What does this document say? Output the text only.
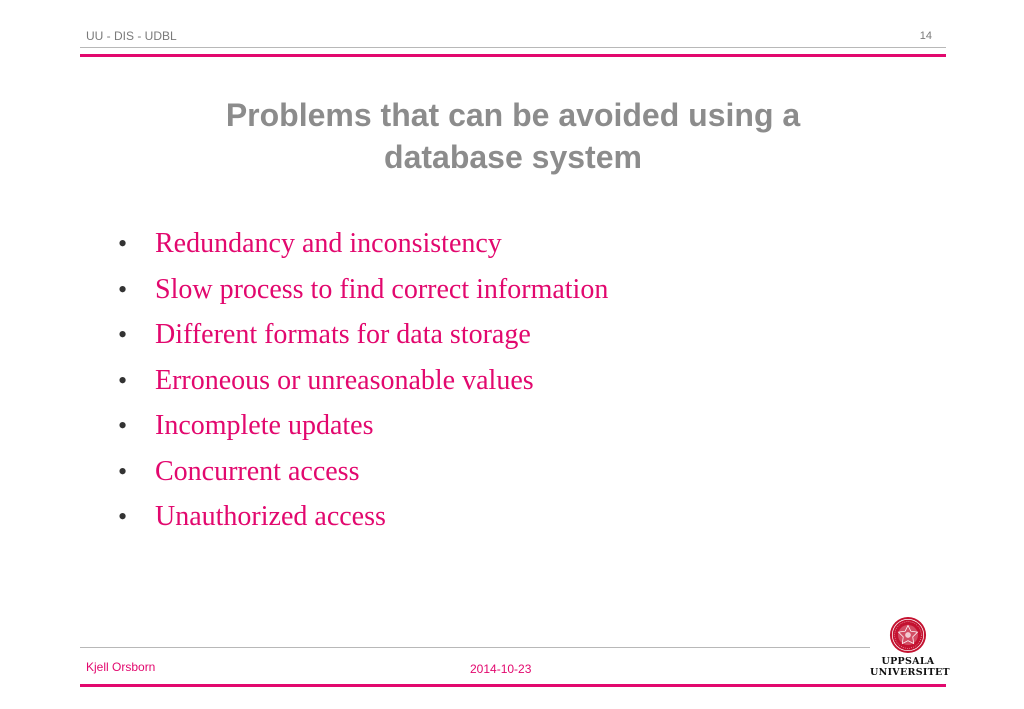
UU - DIS - UDBL	14
Problems that can be avoided using a
database system
• Redundancy and inconsistency
• Slow process to find correct information
• Different formats for data storage
• Erroneous or unreasonable values
• Incomplete updates
• Concurrent access
• Unauthorized access
Kjell Orsborn	2014-10-23
UPPSALA
UNIVERSITET
